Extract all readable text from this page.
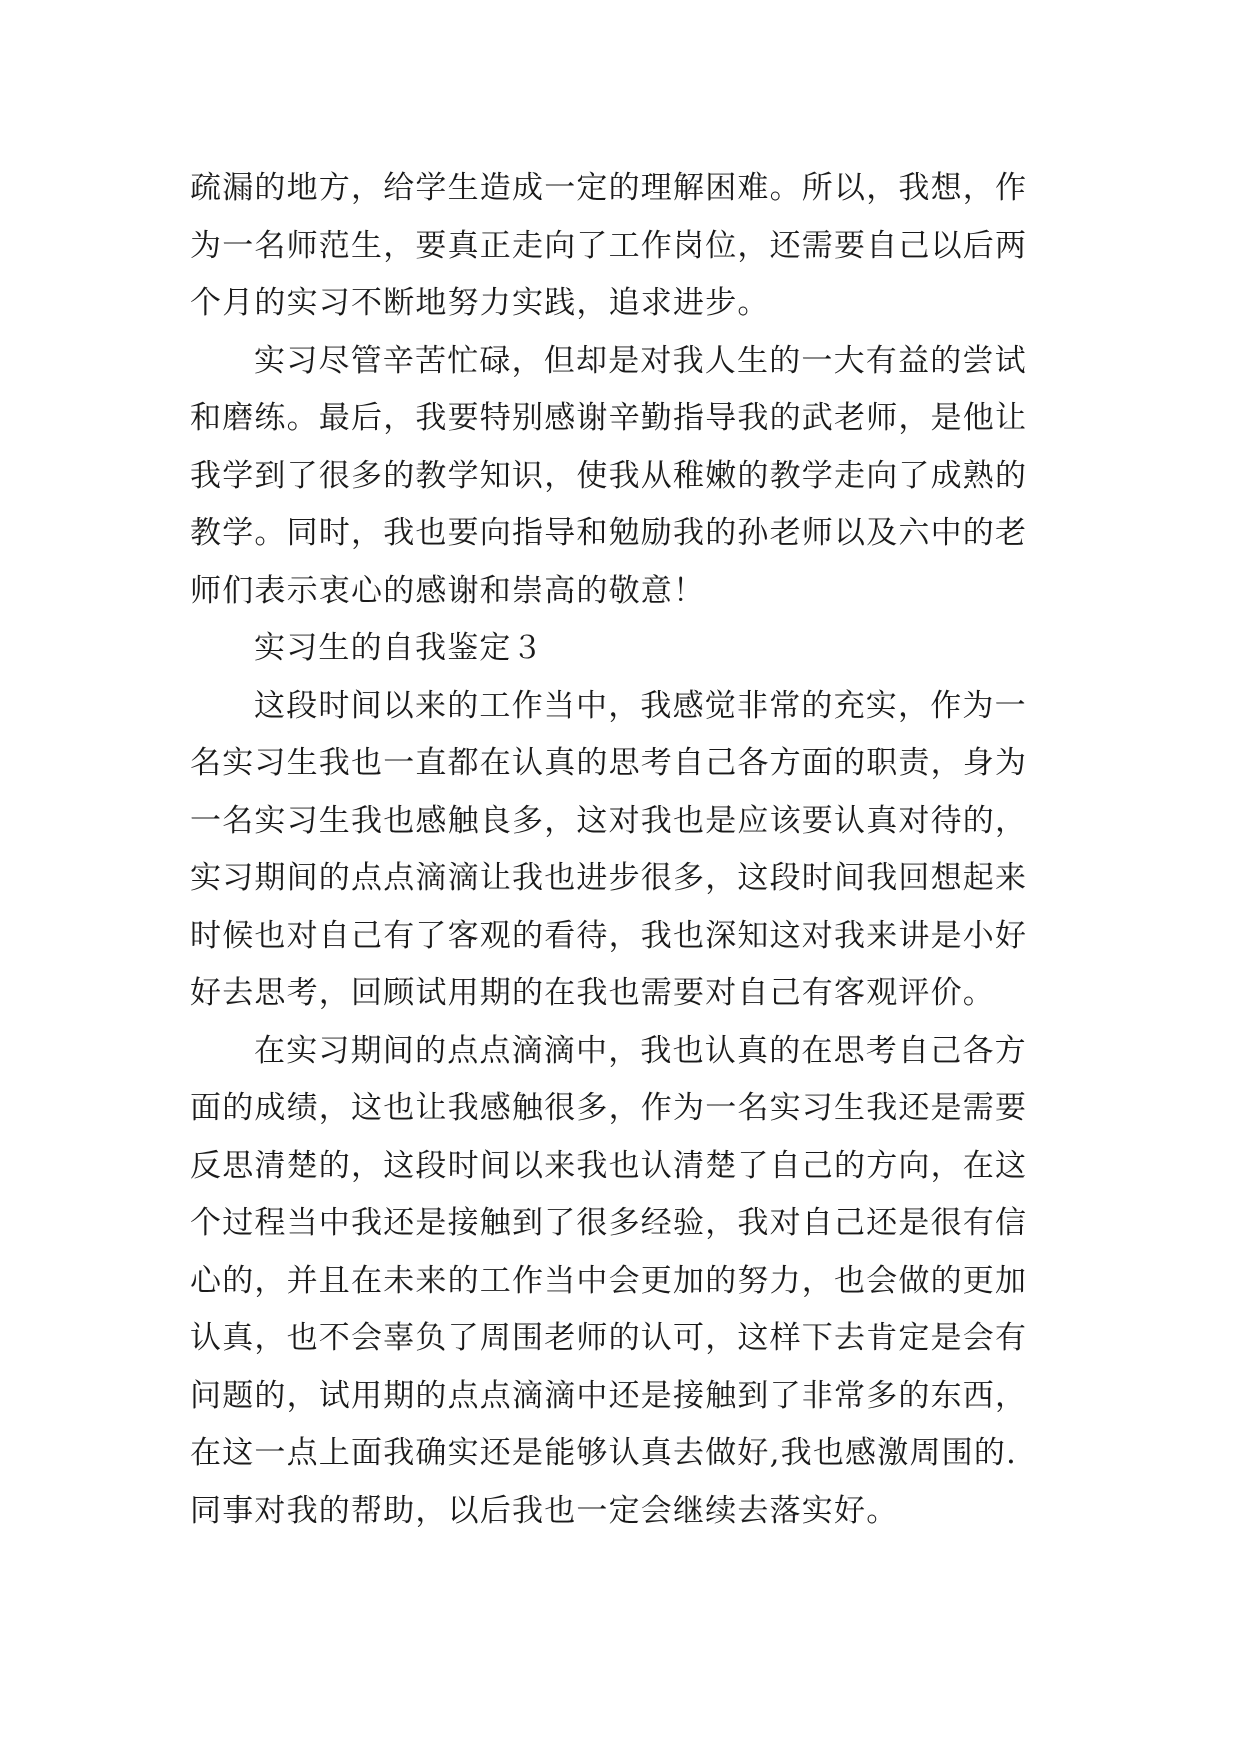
疏漏的地方，给学生造成一定的理解困难。所以，我想，作
为一名师范生，要真正走向了工作岗位，还需要自己以后两
个月的实习不断地努力实践，追求进步。
实习尽管辛苦忙碌，但却是对我人生的一大有益的尝试
和磨练。最后，我要特别感谢辛勤指导我的武老师，是他让
我学到了很多的教学知识，使我从稚嫩的教学走向了成熟的
教学。同时，我也要向指导和勉励我的孙老师以及六中的老
师们表示衷心的感谢和崇高的敬意！
实习生的自我鉴定３
这段时间以来的工作当中，我感觉非常的充实，作为一
名实习生我也一直都在认真的思考自己各方面的职责，身为
一名实习生我也感触良多，这对我也是应该要认真对待的，
实习期间的点点滴滴让我也进步很多，这段时间我回想起来
时候也对自己有了客观的看待，我也深知这对我来讲是小好
好去思考，回顾试用期的在我也需要对自己有客观评价。
在实习期间的点点滴滴中，我也认真的在思考自己各方
面的成绩，这也让我感触很多，作为一名实习生我还是需要
反思清楚的，这段时间以来我也认清楚了自己的方向，在这
个过程当中我还是接触到了很多经验，我对自己还是很有信
心的，并且在未来的工作当中会更加的努力，也会做的更加
认真，也不会辜负了周围老师的认可，这样下去肯定是会有
问题的，试用期的点点滴滴中还是接触到了非常多的东西，
在这一点上面我确实还是能够认真去做好,我也感激周围的.
同事对我的帮助，以后我也一定会继续去落实好。
